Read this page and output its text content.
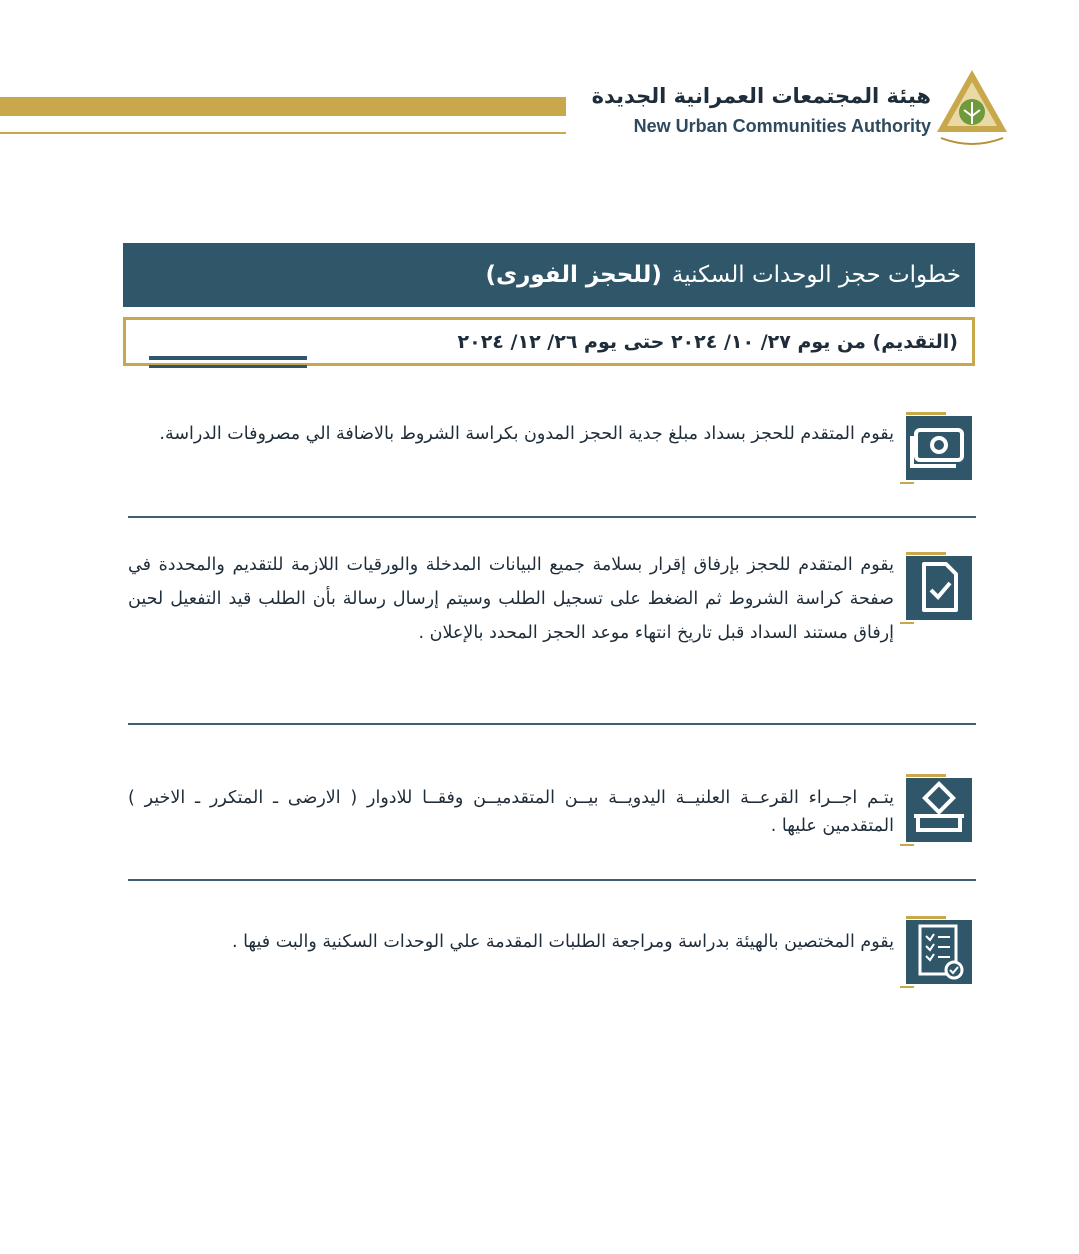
هيئة المجتمعات العمرانية الجديدة
New Urban Communities Authority
خطوات حجز الوحدات السكنية
(للحجز الفورى)
(التقديم) من يوم ٢٧/ ١٠/ ٢٠٢٤ حتى يوم ٢٦/ ١٢/ ٢٠٢٤
يقوم المتقدم للحجز بسداد مبلغ جدية الحجز المدون بكراسة الشروط بالاضافة الي مصروفات الدراسة.
يقوم المتقدم للحجز بإرفاق إقرار بسلامة جميع البيانات المدخلة والورقيات اللازمة للتقديم والمحددة في صفحة كراسة الشروط ثم الضغط على تسجيل الطلب وسيتم إرسال رسالة بأن الطلب قيد التفعيل لحين إرفاق مستند السداد قبل تاريخ انتهاء موعد الحجز المحدد بالإعلان .
يتـم اجــراء القرعــة العلنيــة اليدويــة بيــن المتقدميــن وفقــا للادوار ( الارضى ـ المتكرر ـ الاخير ) المتقدمين عليها .
يقوم المختصين بالهيئة بدراسة ومراجعة الطلبات المقدمة علي الوحدات السكنية والبت فيها .
